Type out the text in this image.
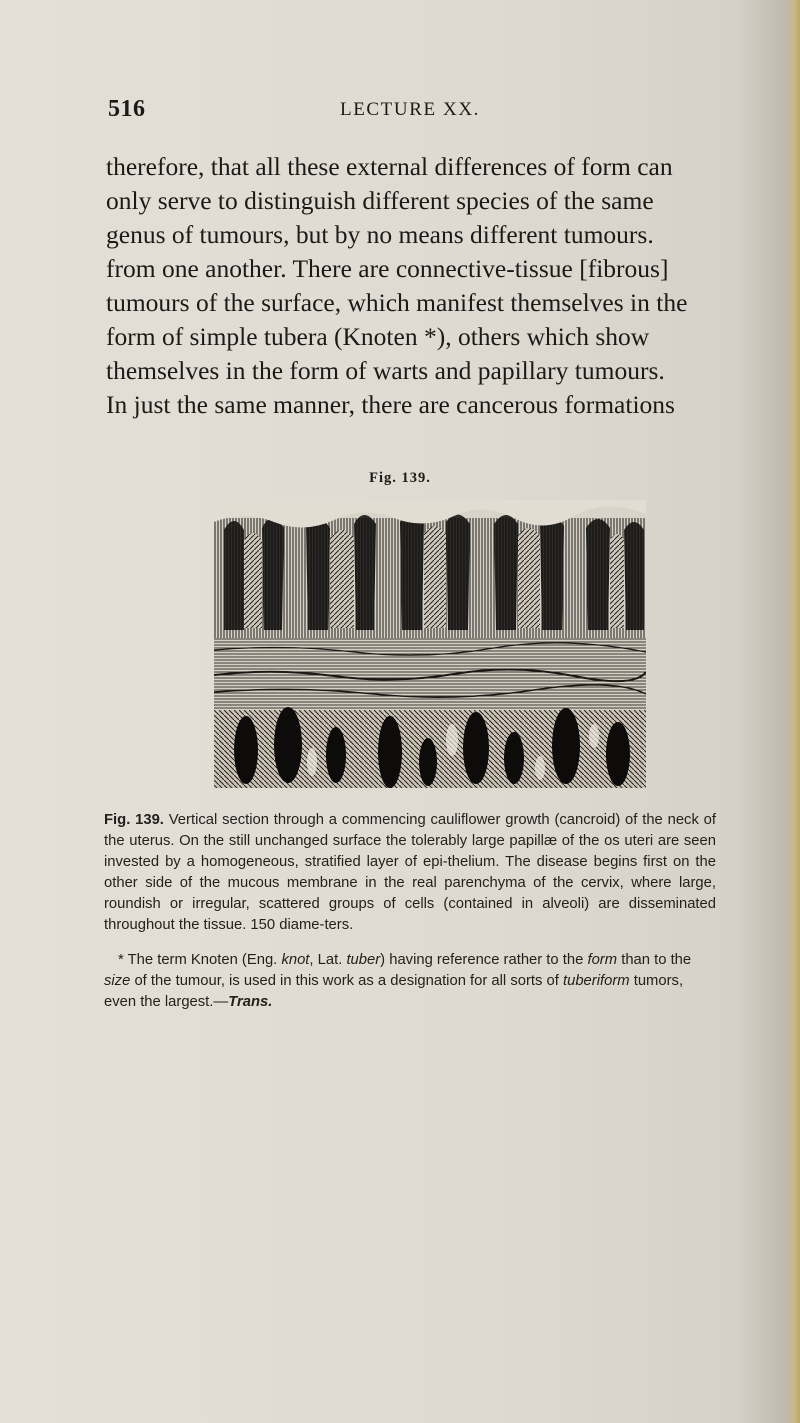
516	LECTURE XX.

therefore, that all these external differences of form can

only serve to distinguish different species of the same

genus of tumours, but by no means different tumours.

from one another. There are connective-tissue [fibrous]

tumours of the surface, which manifest themselves in the

form of simple tubera (Knoten *), others which show

themselves in the form of warts and papillary tumours.

In just the same manner, there are cancerous formations

Fig. 139.
Fig. 139. Vertical section through a commencing cauliflower growth (cancroid) of the neck of the uterus. On the still unchanged surface the tolerably large papillæ of the os uteri are seen invested by a homogeneous, stratified layer of epi-thelium. The disease begins first on the other side of the mucous membrane in the real parenchyma of the cervix, where large, roundish or irregular, scattered groups of cells (contained in alveoli) are disseminated throughout the tissue. 150 diame-ters.
* The term Knoten (Eng. knot, Lat. tuber) having reference rather to the form than to the size of the tumour, is used in this work as a designation for all sorts of tuberiform tumors, even the largest.—Trans.
